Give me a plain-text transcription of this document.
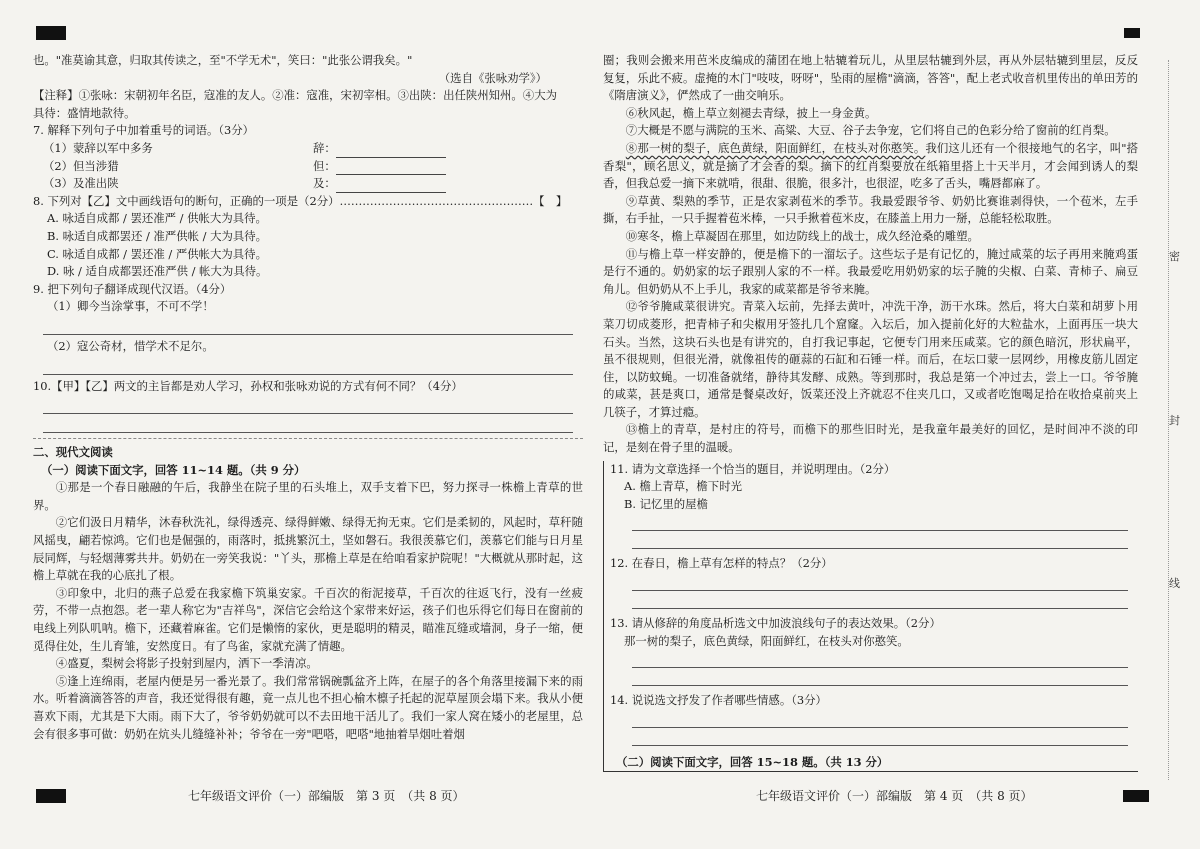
也。"准莫谕其意，归取其传读之，至"不学无术"，笑曰："此张公谓我矣。"
（选自《张咏劝学》）
【注释】①张咏：宋朝初年名臣，寇准的友人。②准：寇准，宋初宰相。③出陕：出任陕州知州。④大为
具待：盛情地款待。
7. 解释下列句子中加着重号的词语。（3分）
（1）蒙辞以军中多务	辞：
（2）但当涉猎	但：
（3）及准出陕	及：
8. 下列对【乙】文中画线语句的断句，正确的一项是（2分）……………………………………………【　】
A. 咏适自成都 / 罢还准严 / 供帐大为具待。
B. 咏适自成都罢还 / 准严供帐 / 大为具待。
C. 咏适自成都 / 罢还准 / 严供帐大为具待。
D. 咏 / 适自成都罢还准严供 / 帐大为具待。
9. 把下列句子翻译成现代汉语。（4分）
（1）卿今当涂掌事，不可不学！
（2）寇公奇材，惜学术不足尔。
10.【甲】【乙】两文的主旨都是劝人学习，孙权和张咏劝说的方式有何不同？（4分）
二、现代文阅读
（一）阅读下面文字，回答 11~14 题。（共 9 分）
①那是一个春日融融的午后，我静坐在院子里的石头堆上，双手支着下巴，努力探寻一株檐上青草的世界。
②它们汲日月精华，沐春秋洗礼，绿得透亮、绿得鲜嫩、绿得无拘无束。它们是柔韧的，风起时，草秆随风摇曳，翩若惊鸿。它们也是倔强的，雨落时，抵挑繁沉土，坚如磐石。我很羡慕它们，羡慕它们能与日月星辰同辉，与轻烟薄雾共井。奶奶在一旁笑我说："丫头，那檐上草是在给咱看家护院呢！"大概就从那时起，这檐上草就在我的心底扎了根。
③印象中，北归的燕子总爱在我家檐下筑巢安家。千百次的衔泥接草，千百次的往返飞行，没有一丝疲劳，不带一点抱怨。老一辈人称它为"吉祥鸟"，深信它会给这个家带来好运，孩子们也乐得它们每日在窗前的电线上列队叽呐。檐下，还藏着麻雀。它们是懒惰的家伙，更是聪明的精灵，瞄准瓦缝或墙洞，身子一缩，便觅得住处，生儿育雏，安然度日。有了鸟雀，家就充满了情趣。
④盛夏，梨树会将影子投射到屋内，洒下一季清凉。
⑤逢上连绵雨，老屋内便是另一番光景了。我们常常锅碗瓢盆齐上阵，在屋子的各个角落里接漏下来的雨水。听着滴滴答答的声音，我还觉得很有趣，竟一点儿也不担心榆木檩子托起的泥草屋顶会塌下来。我从小便喜欢下雨，尤其是下大雨。雨下大了，爷爷奶奶就可以不去田地干活儿了。我们一家人窝在矮小的老屋里，总会有很多事可做：奶奶在炕头儿缝缝补补；爷爷在一旁"吧嗒，吧嗒"地抽着旱烟吐着烟
圈；我则会搬来用芭米皮编成的蒲团在地上牯辘着玩儿，从里层牯辘到外层，再从外层牯辘到里层，反反复复，乐此不疲。虚掩的木门"吱吱，呀呀"，坠雨的屋檐"滴滴，答答"，配上老式收音机里传出的单田芳的《隋唐演义》，俨然成了一曲交响乐。
⑥秋风起，檐上草立刻褪去青绿，披上一身金黄。
⑦大概是不愿与满院的玉米、高粱、大豆、谷子去争宠，它们将自己的色彩分给了窗前的红肖梨。
⑧那一树的梨子，底色黄绿，阳面鲜红，在枝头对你憨笑。我们这儿还有一个很接地气的名字，叫"搭香梨"，顾名思义，就是摘了才会香的梨。摘下的红肖梨要放在纸箱里搭上十天半月，才会闻到诱人的梨香，但我总爱一摘下来就啃，很甜、很脆，很多汁，也很涩，吃多了舌头，嘴唇都麻了。
⑨草黄、梨熟的季节，正是农家剥苞米的季节。我最爱跟爷爷、奶奶比赛谁剥得快，一个苞米，左手撕，右手扯，一只手握着苞米棒，一只手揪着苞米皮，在膝盖上用力一掰，总能轻松取胜。
⑩寒冬，檐上草凝固在那里，如边防线上的战士，成久经沧桑的雕塑。
⑪与檐上草一样安静的，便是檐下的一溜坛子。这些坛子是有记忆的，腌过咸菜的坛子再用来腌鸡蛋是行不通的。奶奶家的坛子跟别人家的不一样。我最爱吃用奶奶家的坛子腌的尖椒、白菜、青柿子、扁豆角儿。但奶奶从不上手儿，我家的咸菜都是爷爷来腌。
⑫爷爷腌咸菜很讲究。青菜入坛前，先择去黄叶，冲洗干净，沥干水珠。然后，将大白菜和胡萝卜用菜刀切成菱形，把青柿子和尖椒用牙签扎几个窟窿。入坛后，加入提前化好的大粒盐水，上面再压一块大石头。当然，这块石头也是有讲究的，自打我记事起，它便专门用来压咸菜。它的颜色暗沉，形状扁平，虽不很规则，但很光滑，就像祖传的砸蒜的石缸和石锤一样。而后，在坛口蒙一层网纱，用橡皮筋儿固定住，以防蚊蝇。一切准备就绪，静待其发酵、成熟。等到那时，我总是第一个冲过去，尝上一口。爷爷腌的咸菜，甚是爽口，通常是餐桌改好，饭菜还没上齐就忍不住夹几口，又或者吃饱喝足拾在收拾桌前夹上几筷子，才算过瘾。
⑬檐上的青草，是村庄的符号，而檐下的那些旧时光，是我童年最美好的回忆，是时间冲不淡的印记，是刻在骨子里的温暖。
11. 请为文章选择一个恰当的题目，并说明理由。（2分）
A. 檐上青草，檐下时光
B. 记忆里的屋檐
12. 在春日，檐上草有怎样的特点？（2分）
13. 请从修辞的角度品析选文中加波浪线句子的表达效果。（2分）
那一树的梨子，底色黄绿，阳面鲜红，在枝头对你憨笑。
14. 说说选文抒发了作者哪些情感。（3分）
（二）阅读下面文字，回答 15~18 题。（共 13 分）
七年级语文评价（一）部编版　第 3 页　（共 8 页）	七年级语文评价（一）部编版　第 4 页　（共 8 页）
密
封
线
